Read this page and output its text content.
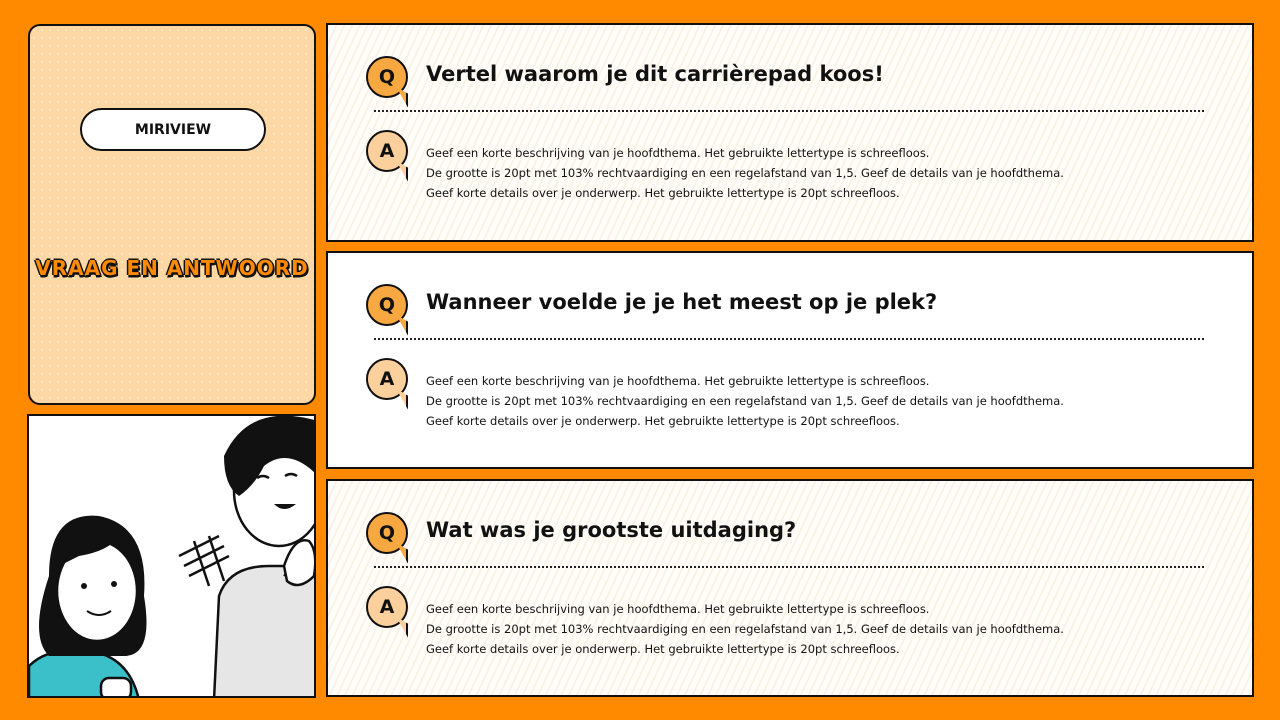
MIRIVIEW
VRAAG EN ANTWOORD
Q	Vertel waarom je dit carrièrepad koos!
A	Geef een korte beschrijving van je hoofdthema. Het gebruikte lettertype is schreefloos.
De grootte is 20pt met 103% rechtvaardiging en een regelafstand van 1,5. Geef de details van je hoofdthema.
Geef korte details over je onderwerp. Het gebruikte lettertype is 20pt schreefloos.
Q	Wanneer voelde je je het meest op je plek?
A	Geef een korte beschrijving van je hoofdthema. Het gebruikte lettertype is schreefloos.
De grootte is 20pt met 103% rechtvaardiging en een regelafstand van 1,5. Geef de details van je hoofdthema.
Geef korte details over je onderwerp. Het gebruikte lettertype is 20pt schreefloos.
Q	Wat was je grootste uitdaging?
A	Geef een korte beschrijving van je hoofdthema. Het gebruikte lettertype is schreefloos.
De grootte is 20pt met 103% rechtvaardiging en een regelafstand van 1,5. Geef de details van je hoofdthema.
Geef korte details over je onderwerp. Het gebruikte lettertype is 20pt schreefloos.
